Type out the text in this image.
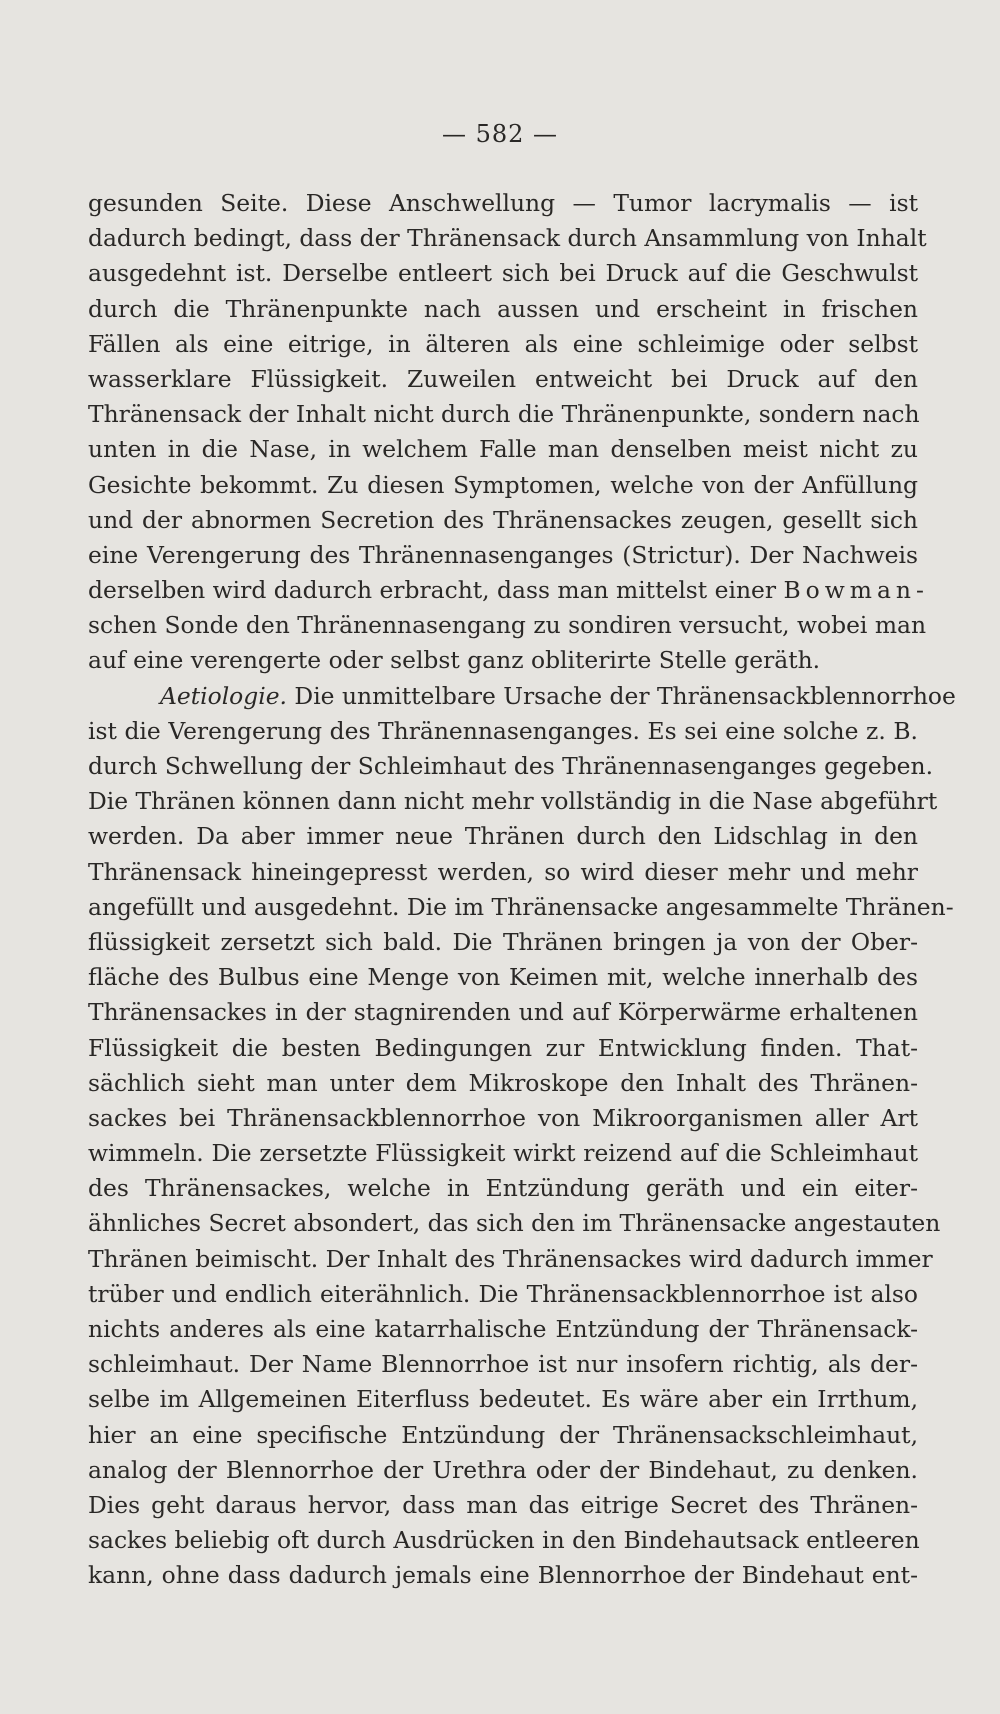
— 582 —
gesunden Seite. Diese Anschwellung — Tumor lacrymalis — ist
dadurch bedingt, dass der Thränensack durch Ansammlung von Inhalt
ausgedehnt ist. Derselbe entleert sich bei Druck auf die Geschwulst
durch die Thränenpunkte nach aussen und erscheint in frischen
Fällen als eine eitrige, in älteren als eine schleimige oder selbst
wasserklare Flüssigkeit. Zuweilen entweicht bei Druck auf den
Thränensack der Inhalt nicht durch die Thränenpunkte, sondern nach
unten in die Nase, in welchem Falle man denselben meist nicht zu
Gesichte bekommt. Zu diesen Symptomen, welche von der Anfüllung
und der abnormen Secretion des Thränensackes zeugen, gesellt sich
eine Verengerung des Thränennasenganges (Strictur). Der Nachweis
derselben wird dadurch erbracht, dass man mittelst einer Bowman-
schen Sonde den Thränennasengang zu sondiren versucht, wobei man
auf eine verengerte oder selbst ganz obliterirte Stelle geräth.
Aetiologie. Die unmittelbare Ursache der Thränensackblennorrhoe
ist die Verengerung des Thränennasenganges. Es sei eine solche z. B.
durch Schwellung der Schleimhaut des Thränennasenganges gegeben.
Die Thränen können dann nicht mehr vollständig in die Nase abgeführt
werden. Da aber immer neue Thränen durch den Lidschlag in den
Thränensack hineingepresst werden, so wird dieser mehr und mehr
angefüllt und ausgedehnt. Die im Thränensacke angesammelte Thränen-
flüssigkeit zersetzt sich bald. Die Thränen bringen ja von der Ober-
fläche des Bulbus eine Menge von Keimen mit, welche innerhalb des
Thränensackes in der stagnirenden und auf Körperwärme erhaltenen
Flüssigkeit die besten Bedingungen zur Entwicklung finden. That-
sächlich sieht man unter dem Mikroskope den Inhalt des Thränen-
sackes bei Thränensackblennorrhoe von Mikroorganismen aller Art
wimmeln. Die zersetzte Flüssigkeit wirkt reizend auf die Schleimhaut
des Thränensackes, welche in Entzündung geräth und ein eiter-
ähnliches Secret absondert, das sich den im Thränensacke angestauten
Thränen beimischt. Der Inhalt des Thränensackes wird dadurch immer
trüber und endlich eiterähnlich. Die Thränensackblennorrhoe ist also
nichts anderes als eine katarrhalische Entzündung der Thränensack-
schleimhaut. Der Name Blennorrhoe ist nur insofern richtig, als der-
selbe im Allgemeinen Eiterfluss bedeutet. Es wäre aber ein Irrthum,
hier an eine specifische Entzündung der Thränensackschleimhaut,
analog der Blennorrhoe der Urethra oder der Bindehaut, zu denken.
Dies geht daraus hervor, dass man das eitrige Secret des Thränen-
sackes beliebig oft durch Ausdrücken in den Bindehautsack entleeren
kann, ohne dass dadurch jemals eine Blennorrhoe der Bindehaut ent-
